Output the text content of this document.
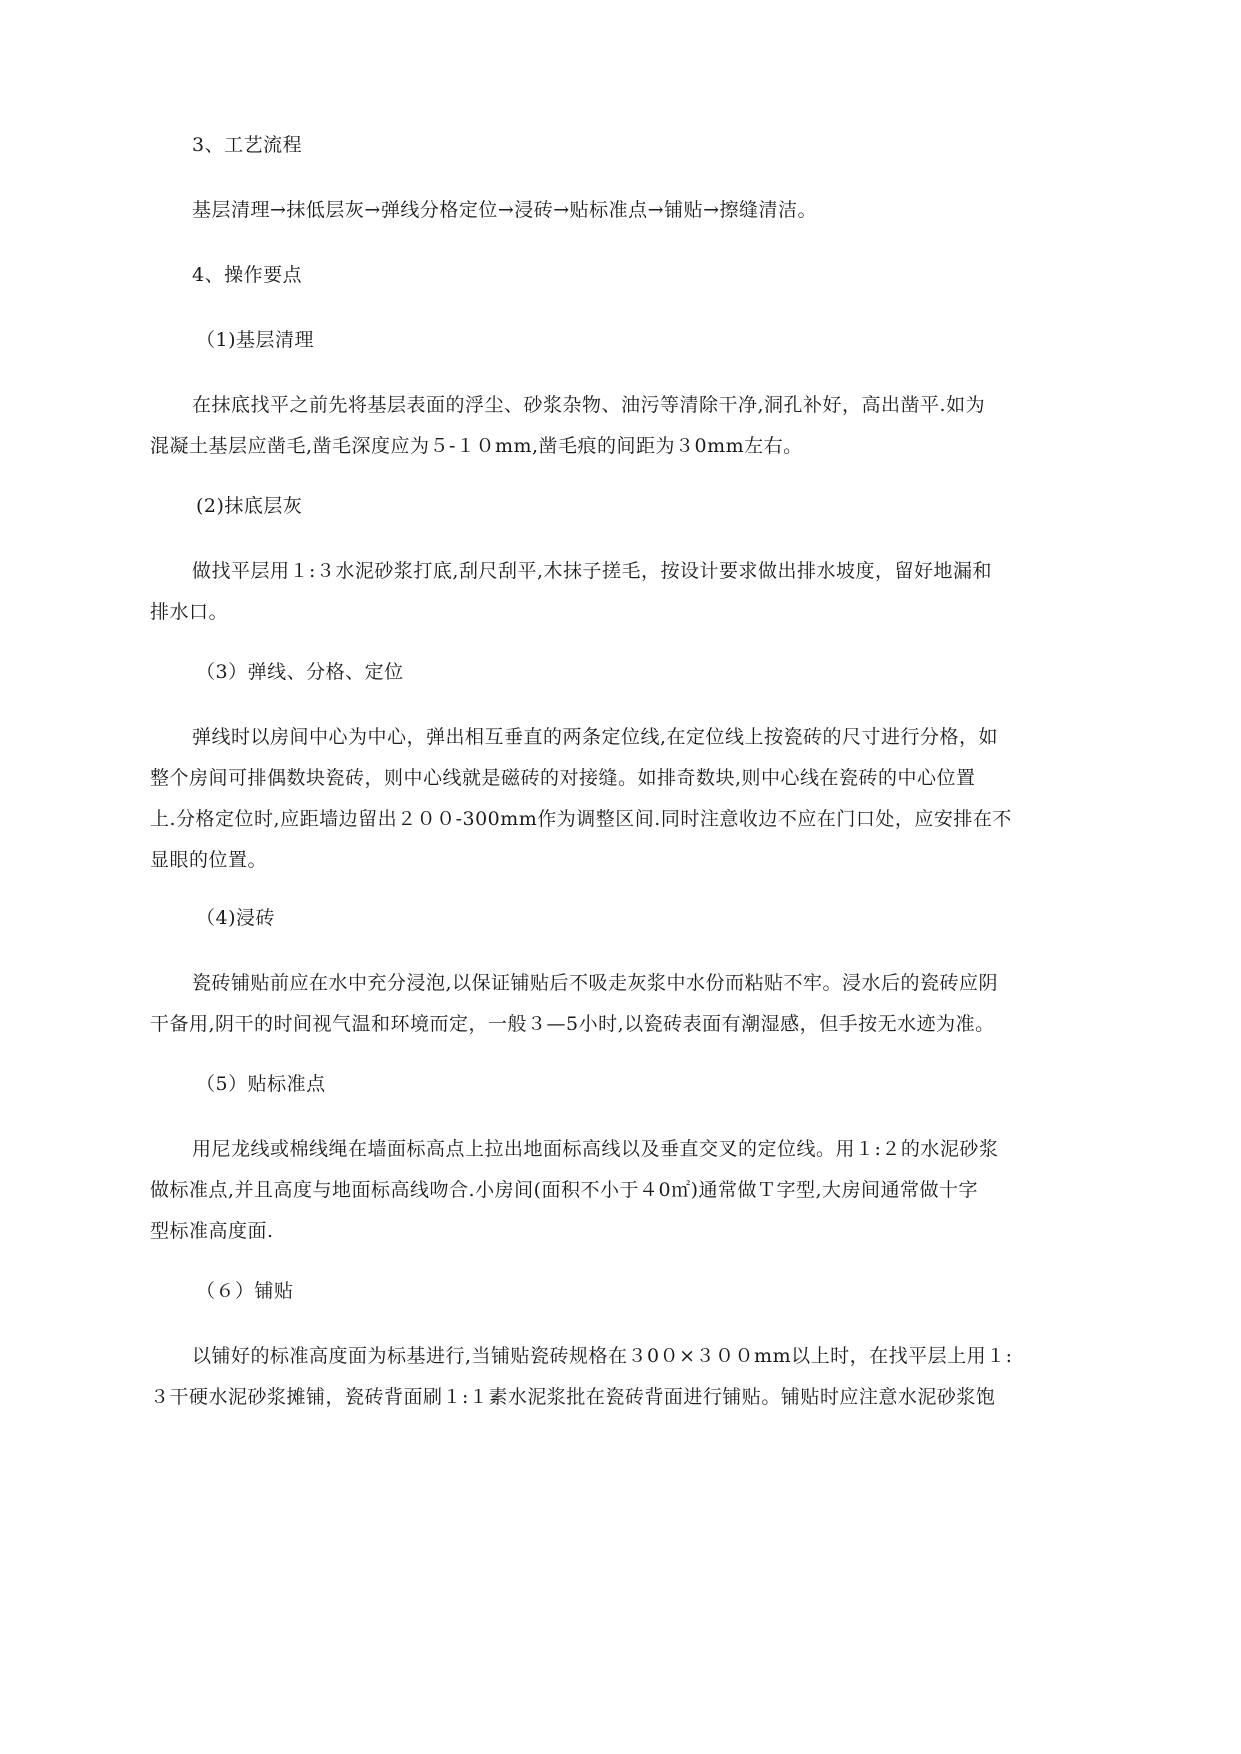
3、工艺流程
基层清理→抹低层灰→弹线分格定位→浸砖→贴标准点→铺贴→擦缝清洁。
4、操作要点
（1)基层清理
在抹底找平之前先将基层表面的浮尘、砂浆杂物、油污等清除干净,洞孔补好，高出凿平.如为
混凝土基层应凿毛,凿毛深度应为５-１０mm,凿毛痕的间距为３0mm左右。
(2)抹底层灰
做找平层用１:３水泥砂浆打底,刮尺刮平,木抹子搓毛，按设计要求做出排水坡度，留好地漏和
排水口。
（3）弹线、分格、定位
弹线时以房间中心为中心，弹出相互垂直的两条定位线,在定位线上按瓷砖的尺寸进行分格，如
整个房间可排偶数块瓷砖，则中心线就是磁砖的对接缝。如排奇数块,则中心线在瓷砖的中心位置
上.分格定位时,应距墙边留出２００-300mm作为调整区间.同时注意收边不应在门口处，应安排在不
显眼的位置。
（4)浸砖
瓷砖铺贴前应在水中充分浸泡,以保证铺贴后不吸走灰浆中水份而粘贴不牢。浸水后的瓷砖应阴
干备用,阴干的时间视气温和环境而定，一般３—5小时,以瓷砖表面有潮湿感，但手按无水迹为准。
（5）贴标准点
用尼龙线或棉线绳在墙面标高点上拉出地面标高线以及垂直交叉的定位线。用１:２的水泥砂浆
做标准点,并且高度与地面标高线吻合.小房间(面积不小于４0㎡)通常做Ｔ字型,大房间通常做十字
型标准高度面.
（６）铺贴
以铺好的标准高度面为标基进行,当铺贴瓷砖规格在３0０×３００mm以上时，在找平层上用１:
３干硬水泥砂浆摊铺，瓷砖背面刷１:１素水泥浆批在瓷砖背面进行铺贴。铺贴时应注意水泥砂浆饱
